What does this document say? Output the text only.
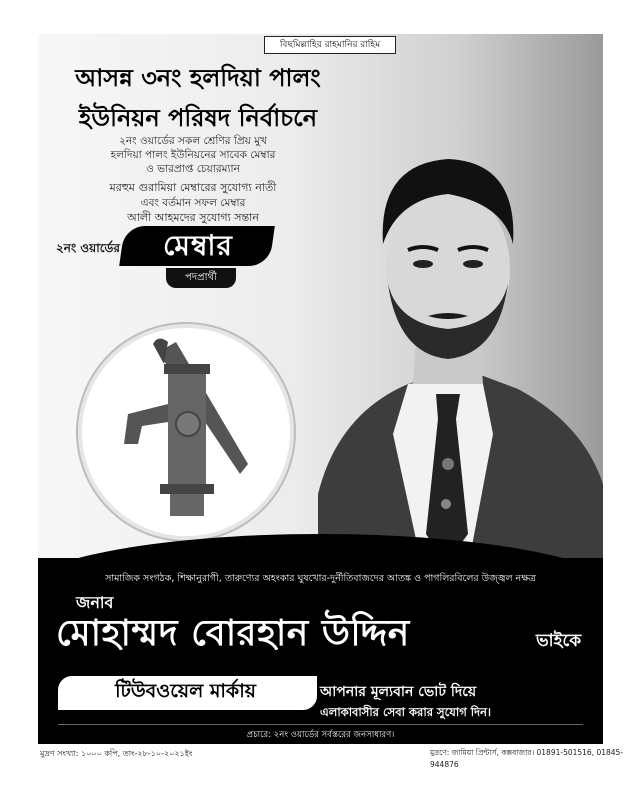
বিছমিল্লাহির রাহমানির রাহিম
আসন্ন ৩নং হলদিয়া পালং
ইউনিয়ন পরিষদ নির্বাচনে
২নং ওয়ার্ডের সকল শ্রেণির প্রিয় মুখ
হলদিয়া পালং ইউনিয়নের সাবেক মেম্বার
ও ভারপ্রাপ্ত চেয়ারম্যান
মরহুম গুরামিয়া মেম্বারের সুযোগ্য নাতী
এবং বর্তমান সফল মেম্বার
আলী আহমদের সুযোগ্য সন্তান
২নং ওয়ার্ডের	মেম্বার
পদপ্রার্থী
সামাজিক সংগঠক, শিক্ষানুরাগী, তারুণ্যের অহংকার ঘুষখোর-দুর্নীতিবাজদের আতঙ্ক ও পাগলিরবিলের উজ্জ্বল নক্ষত্র
জনাব
মোহাম্মদ বোরহান উদ্দিন	ভাইকে
টিউবওয়েল মার্কায়	আপনার মূল্যবান ভোট দিয়ে
এলাকাবাসীর সেবা করার সুযোগ দিন।
প্রচারে: ২নং ওয়ার্ডের সর্বস্তরের জনসাধারণ।
মুদ্রণ সংখ্যা: ১০০০ কপি, তাং-২৮-১০-২০২১ইং	মুদ্রণে: জামিয়া প্রিন্টার্স, কক্সবাজার। 01891-501516, 01845-944876
